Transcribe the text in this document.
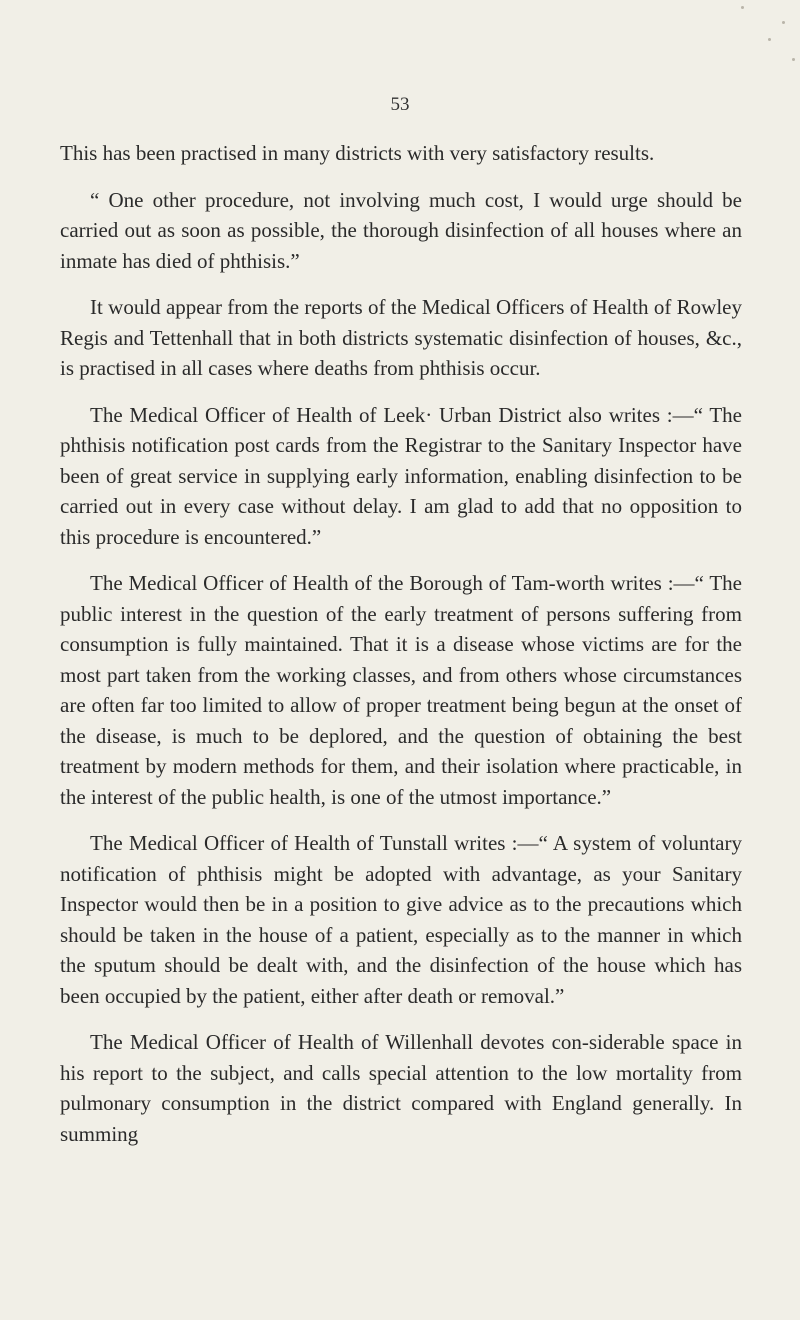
53

This has been practised in many districts with very satisfactory results.

“ One other procedure, not involving much cost, I would urge should be carried out as soon as possible, the thorough disinfection of all houses where an inmate has died of phthisis.”

It would appear from the reports of the Medical Officers of Health of Rowley Regis and Tettenhall that in both districts systematic disinfection of houses, &c., is practised in all cases where deaths from phthisis occur.

The Medical Officer of Health of Leek· Urban District also writes :—“ The phthisis notification post cards from the Registrar to the Sanitary Inspector have been of great service in supplying early information, enabling disinfection to be carried out in every case without delay. I am glad to add that no opposition to this procedure is encountered.”

The Medical Officer of Health of the Borough of Tam-worth writes :—“ The public interest in the question of the early treatment of persons suffering from consumption is fully maintained. That it is a disease whose victims are for the most part taken from the working classes, and from others whose circumstances are often far too limited to allow of proper treatment being begun at the onset of the disease, is much to be deplored, and the question of obtaining the best treatment by modern methods for them, and their isolation where practicable, in the interest of the public health, is one of the utmost importance.”

The Medical Officer of Health of Tunstall writes :—“ A system of voluntary notification of phthisis might be adopted with advantage, as your Sanitary Inspector would then be in a position to give advice as to the precautions which should be taken in the house of a patient, especially as to the manner in which the sputum should be dealt with, and the disinfection of the house which has been occupied by the patient, either after death or removal.”

The Medical Officer of Health of Willenhall devotes con-siderable space in his report to the subject, and calls special attention to the low mortality from pulmonary consumption in the district compared with England generally. In summing
